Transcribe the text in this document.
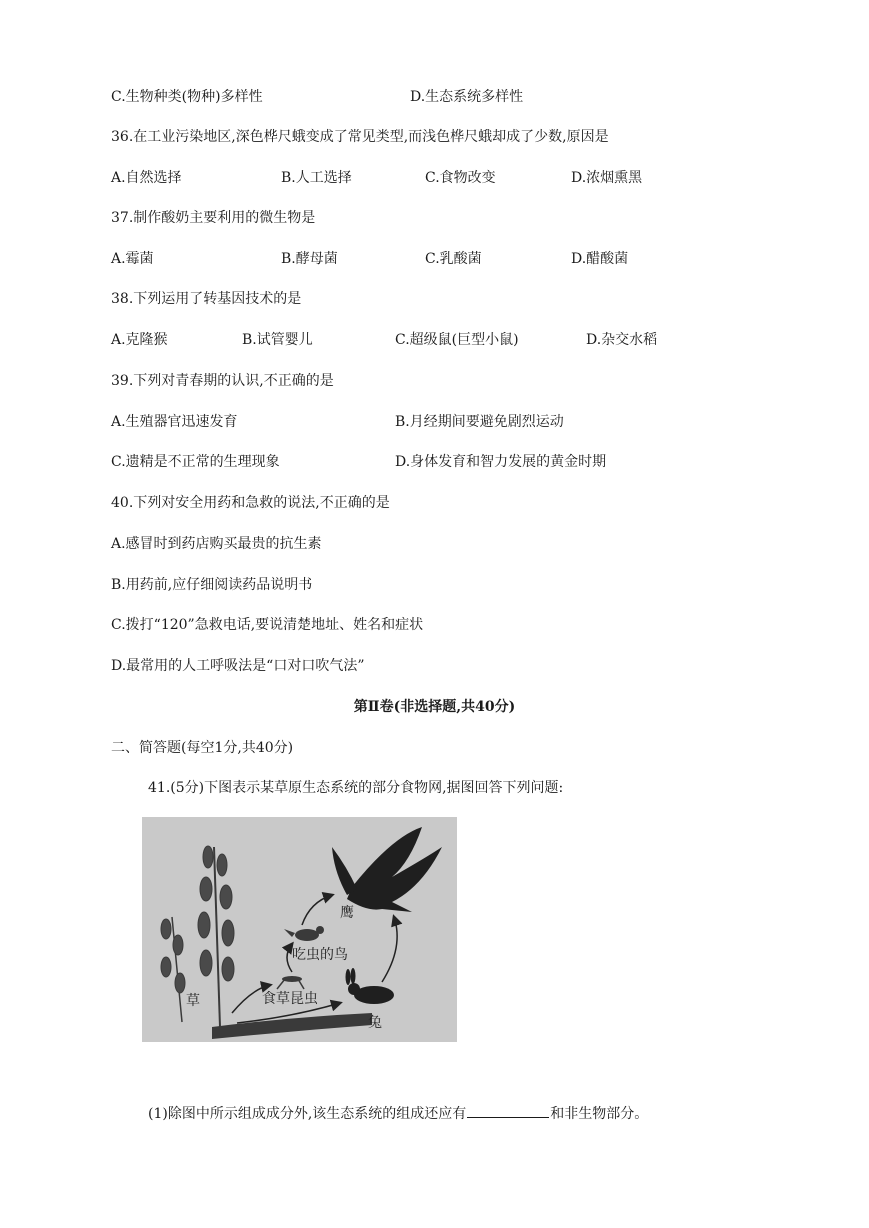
C.生物种类(物种)多样性	D.生态系统多样性
36.在工业污染地区,深色桦尺蛾变成了常见类型,而浅色桦尺蛾却成了少数,原因是
A.自然选择	B.人工选择	C.食物改变	D.浓烟熏黑
37.制作酸奶主要利用的微生物是
A.霉菌	B.酵母菌	C.乳酸菌	D.醋酸菌
38.下列运用了转基因技术的是
A.克隆猴	B.试管婴儿	C.超级鼠(巨型小鼠)	D.杂交水稻
39.下列对青春期的认识,不正确的是
A.生殖器官迅速发育	B.月经期间要避免剧烈运动
C.遗精是不正常的生理现象	D.身体发育和智力发展的黄金时期
40.下列对安全用药和急救的说法,不正确的是
A.感冒时到药店购买最贵的抗生素
B.用药前,应仔细阅读药品说明书
C.拨打“120”急救电话,要说清楚地址、姓名和症状
D.最常用的人工呼吸法是“口对口吹气法”
第Ⅱ卷(非选择题,共40分)
二、简答题(每空1分,共40分)
41.(5分)下图表示某草原生态系统的部分食物网,据图回答下列问题:
鹰
吃虫的鸟
食草昆虫
草
兔
(1)除图中所示组成成分外,该生态系统的组成还应有	和非生物部分。
